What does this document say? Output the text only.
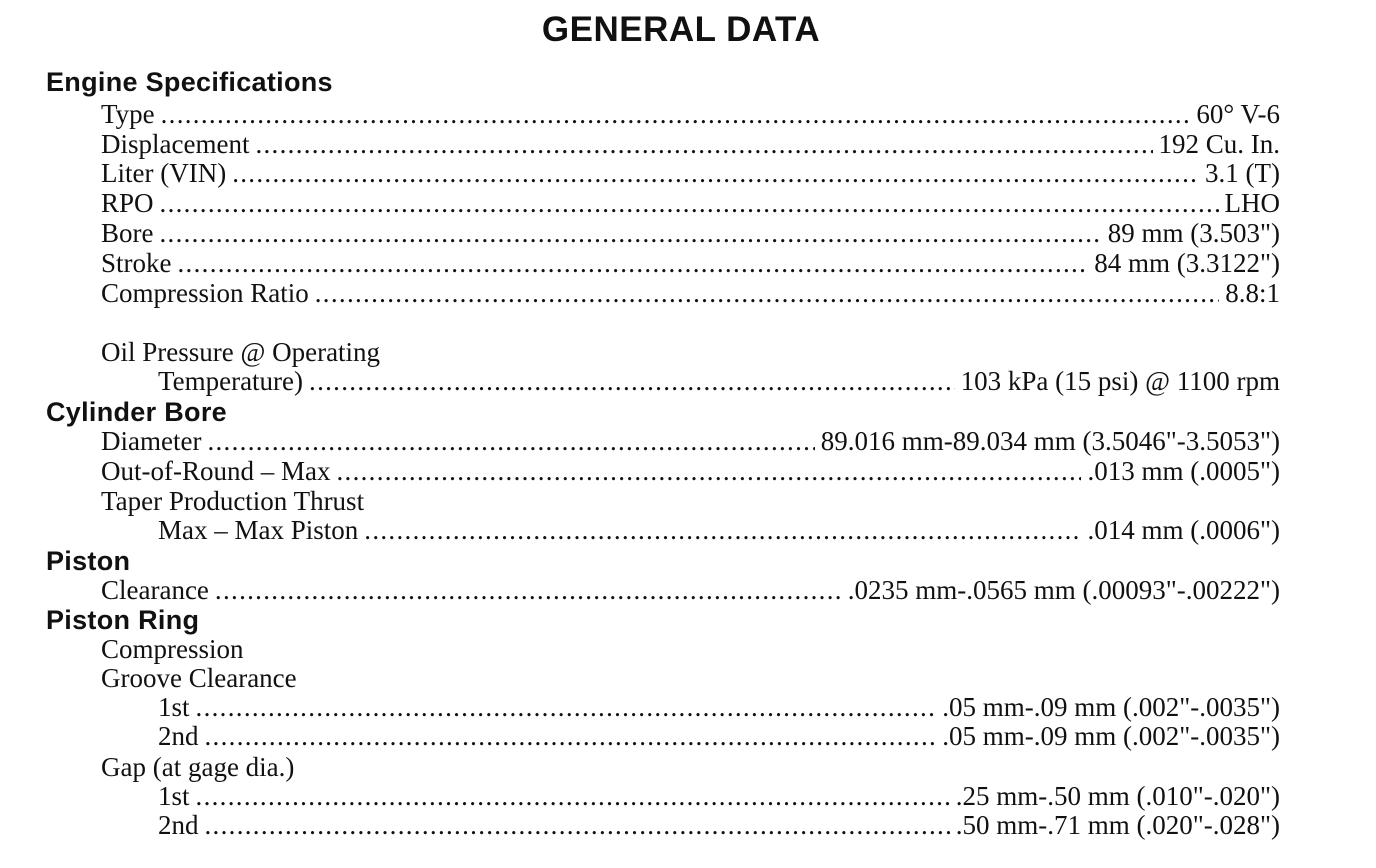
GENERAL DATA
Engine Specifications
Type .....	60° V-6
Displacement .....	192 Cu. In.
Liter (VIN) .....	3.1 (T)
RPO .....	LHO
Bore .....	89 mm (3.503")
Stroke .....	84 mm (3.3122")
Compression Ratio .....	8.8:1
Oil Pressure @ Operating
Temperature) .....	103 kPa (15 psi) @ 1100 rpm
Cylinder Bore
Diameter .....	89.016 mm-89.034 mm (3.5046"-3.5053")
Out-of-Round – Max .....	.013 mm (.0005")
Taper Production Thrust
Max – Max Piston .....	.014 mm (.0006")
Piston
Clearance .....	.0235 mm-.0565 mm (.00093"-.00222")
Piston Ring
Compression
Groove Clearance
1st .....	.05 mm-.09 mm (.002"-.0035")
2nd .....	.05 mm-.09 mm (.002"-.0035")
Gap (at gage dia.)
1st .....	.25 mm-.50 mm (.010"-.020")
2nd .....	.50 mm-.71 mm (.020"-.028")
